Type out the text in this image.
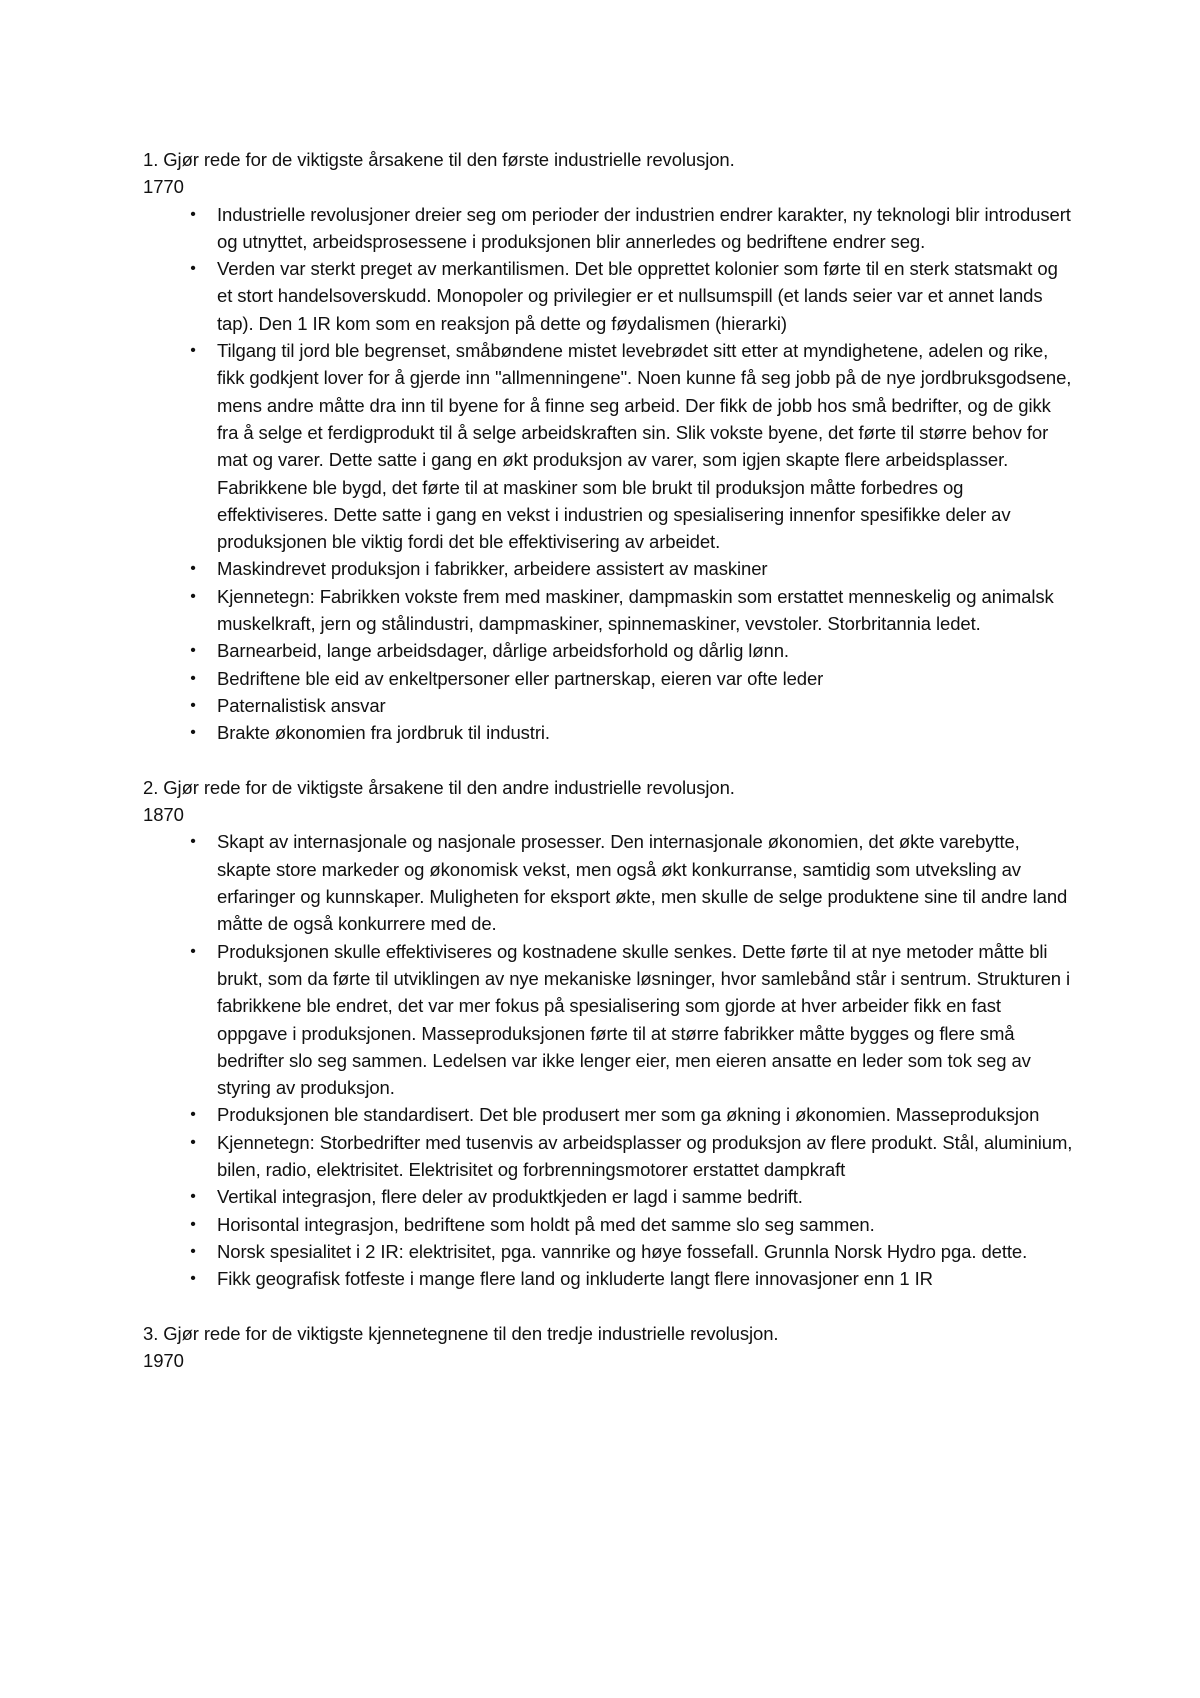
1. Gjør rede for de viktigste årsakene til den første industrielle revolusjon.

1770

• Industrielle revolusjoner dreier seg om perioder der industrien endrer karakter, ny teknologi blir introdusert og utnyttet, arbeidsprosessene i produksjonen blir annerledes og bedriftene endrer seg.
• Verden var sterkt preget av merkantilismen. Det ble opprettet kolonier som førte til en sterk statsmakt og et stort handelsoverskudd. Monopoler og privilegier er et nullsumspill (et lands seier var et annet lands tap). Den 1 IR kom som en reaksjon på dette og føydalismen (hierarki)
• Tilgang til jord ble begrenset, småbøndene mistet levebrødet sitt etter at myndighetene, adelen og rike, fikk godkjent lover for å gjerde inn "allmenningene". Noen kunne få seg jobb på de nye jordbruksgodsene, mens andre måtte dra inn til byene for å finne seg arbeid. Der fikk de jobb hos små bedrifter, og de gikk fra å selge et ferdigprodukt til å selge arbeidskraften sin. Slik vokste byene, det førte til større behov for mat og varer. Dette satte i gang en økt produksjon av varer, som igjen skapte flere arbeidsplasser. Fabrikkene ble bygd, det førte til at maskiner som ble brukt til produksjon måtte forbedres og effektiviseres. Dette satte i gang en vekst i industrien og spesialisering innenfor spesifikke deler av produksjonen ble viktig fordi det ble effektivisering av arbeidet.
• Maskindrevet produksjon i fabrikker, arbeidere assistert av maskiner
• Kjennetegn: Fabrikken vokste frem med maskiner, dampmaskin som erstattet menneskelig og animalsk muskelkraft, jern og stålindustri, dampmaskiner, spinnemaskiner, vevstoler. Storbritannia ledet.
• Barnearbeid, lange arbeidsdager, dårlige arbeidsforhold og dårlig lønn.
• Bedriftene ble eid av enkeltpersoner eller partnerskap, eieren var ofte leder
• Paternalistisk ansvar
• Brakte økonomien fra jordbruk til industri.

2. Gjør rede for de viktigste årsakene til den andre industrielle revolusjon.

1870

• Skapt av internasjonale og nasjonale prosesser. Den internasjonale økonomien, det økte varebytte, skapte store markeder og økonomisk vekst, men også økt konkurranse, samtidig som utveksling av erfaringer og kunnskaper. Muligheten for eksport økte, men skulle de selge produktene sine til andre land måtte de også konkurrere med de.
• Produksjonen skulle effektiviseres og kostnadene skulle senkes. Dette førte til at nye metoder måtte bli brukt, som da førte til utviklingen av nye mekaniske løsninger, hvor samlebånd står i sentrum. Strukturen i fabrikkene ble endret, det var mer fokus på spesialisering som gjorde at hver arbeider fikk en fast oppgave i produksjonen. Masseproduksjonen førte til at større fabrikker måtte bygges og flere små bedrifter slo seg sammen. Ledelsen var ikke lenger eier, men eieren ansatte en leder som tok seg av styring av produksjon.
• Produksjonen ble standardisert. Det ble produsert mer som ga økning i økonomien. Masseproduksjon
• Kjennetegn: Storbedrifter med tusenvis av arbeidsplasser og produksjon av flere produkt. Stål, aluminium, bilen, radio, elektrisitet. Elektrisitet og forbrenningsmotorer erstattet dampkraft
• Vertikal integrasjon, flere deler av produktkjeden er lagd i samme bedrift.
• Horisontal integrasjon, bedriftene som holdt på med det samme slo seg sammen.
• Norsk spesialitet i 2 IR: elektrisitet, pga. vannrike og høye fossefall. Grunnla Norsk Hydro pga. dette.
• Fikk geografisk fotfeste i mange flere land og inkluderte langt flere innovasjoner enn 1 IR

3. Gjør rede for de viktigste kjennetegnene til den tredje industrielle revolusjon.

1970
